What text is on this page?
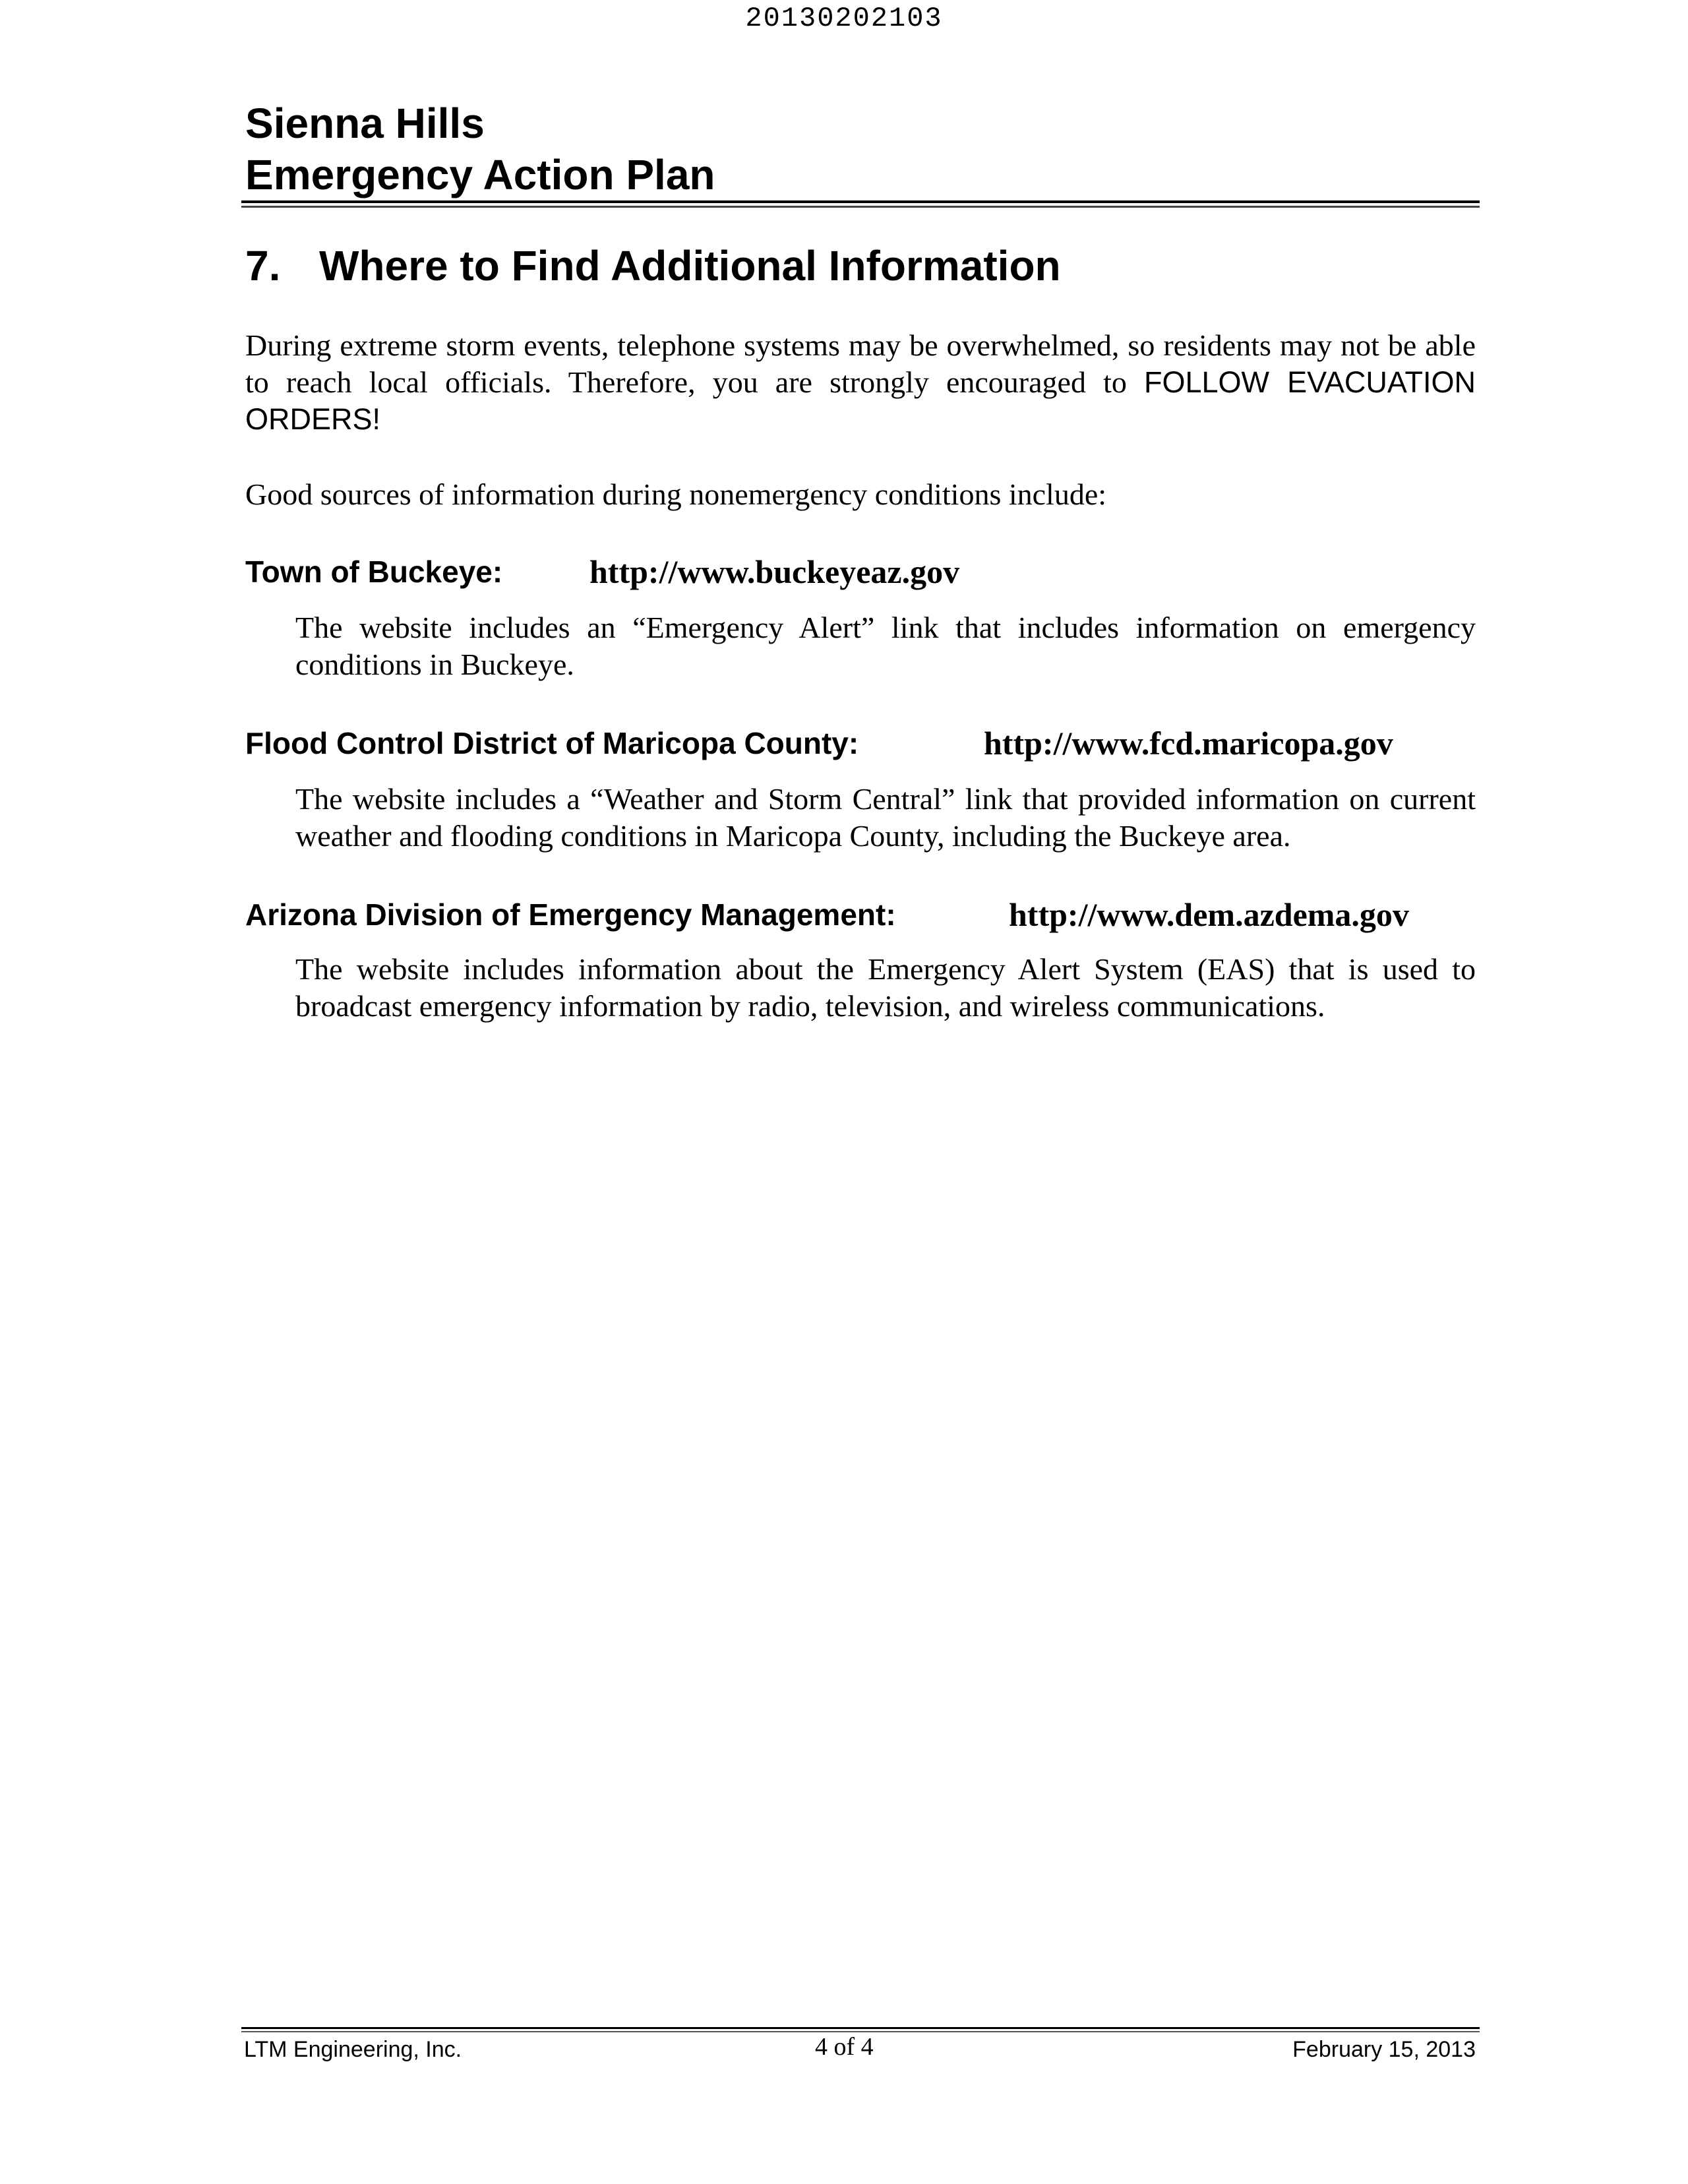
20130202103
Sienna Hills
Emergency Action Plan
7. Where to Find Additional Information
During extreme storm events, telephone systems may be overwhelmed, so residents may not be able to reach local officials. Therefore, you are strongly encouraged to FOLLOW EVACUATION ORDERS!
Good sources of information during nonemergency conditions include:
Town of Buckeye:	http://www.buckeyeaz.gov
The website includes an “Emergency Alert” link that includes information on emergency conditions in Buckeye.
Flood Control District of Maricopa County:	http://www.fcd.maricopa.gov
The website includes a “Weather and Storm Central” link that provided information on current weather and flooding conditions in Maricopa County, including the Buckeye area.
Arizona Division of Emergency Management:	http://www.dem.azdema.gov
The website includes information about the Emergency Alert System (EAS) that is used to broadcast emergency information by radio, television, and wireless communications.
LTM Engineering, Inc.	4 of 4	February 15, 2013
